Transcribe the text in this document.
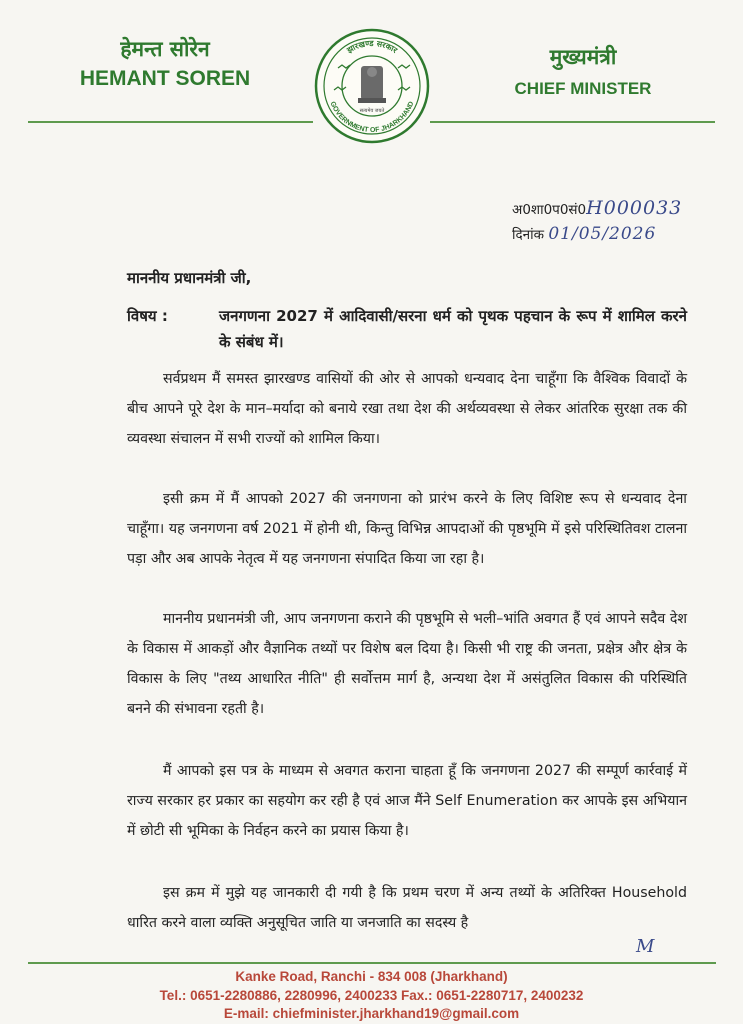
हेमन्त सोरेन
HEMANT SOREN
झारखण्ड सरकार
GOVERNMENT OF JHARKHAND
सत्यमेव जयते
मुख्यमंत्री
CHIEF MINISTER
अ0शा0प0सं0H000033
दिनांक 01/05/2026
माननीय प्रधानमंत्री जी,
विषय :	जनगणना 2027 में आदिवासी/सरना धर्म को पृथक पहचान के रूप में शामिल करने के संबंध में।
सर्वप्रथम मैं समस्त झारखण्ड वासियों की ओर से आपको धन्यवाद देना चाहूँगा कि वैश्विक विवादों के बीच आपने पूरे देश के मान–मर्यादा को बनाये रखा तथा देश की अर्थव्यवस्था से लेकर आंतरिक सुरक्षा तक की व्यवस्था संचालन में सभी राज्यों को शामिल किया।
इसी क्रम में मैं आपको 2027 की जनगणना को प्रारंभ करने के लिए विशिष्ट रूप से धन्यवाद देना चाहूँगा। यह जनगणना वर्ष 2021 में होनी थी, किन्तु विभिन्न आपदाओं की पृष्ठभूमि में इसे परिस्थितिवश टालना पड़ा और अब आपके नेतृत्व में यह जनगणना संपादित किया जा रहा है।
माननीय प्रधानमंत्री जी, आप जनगणना कराने की पृष्ठभूमि से भली–भांति अवगत हैं एवं आपने सदैव देश के विकास में आकड़ों और वैज्ञानिक तथ्यों पर विशेष बल दिया है। किसी भी राष्ट्र की जनता, प्रक्षेत्र और क्षेत्र के विकास के लिए "तथ्य आधारित नीति" ही सर्वोत्तम मार्ग है, अन्यथा देश में असंतुलित विकास की परिस्थिति बनने की संभावना रहती है।
मैं आपको इस पत्र के माध्यम से अवगत कराना चाहता हूँ कि जनगणना 2027 की सम्पूर्ण कार्रवाई में राज्य सरकार हर प्रकार का सहयोग कर रही है एवं आज मैंने Self Enumeration कर आपके इस अभियान में छोटी सी भूमिका के निर्वहन करने का प्रयास किया है।
इस क्रम में मुझे यह जानकारी दी गयी है कि प्रथम चरण में अन्य तथ्यों के अतिरिक्त Household धारित करने वाला व्यक्ति अनुसूचित जाति या जनजाति का सदस्य है
M
Kanke Road, Ranchi - 834 008 (Jharkhand)
Tel.: 0651-2280886, 2280996, 2400233 Fax.: 0651-2280717, 2400232
E-mail: chiefminister.jharkhand19@gmail.com
